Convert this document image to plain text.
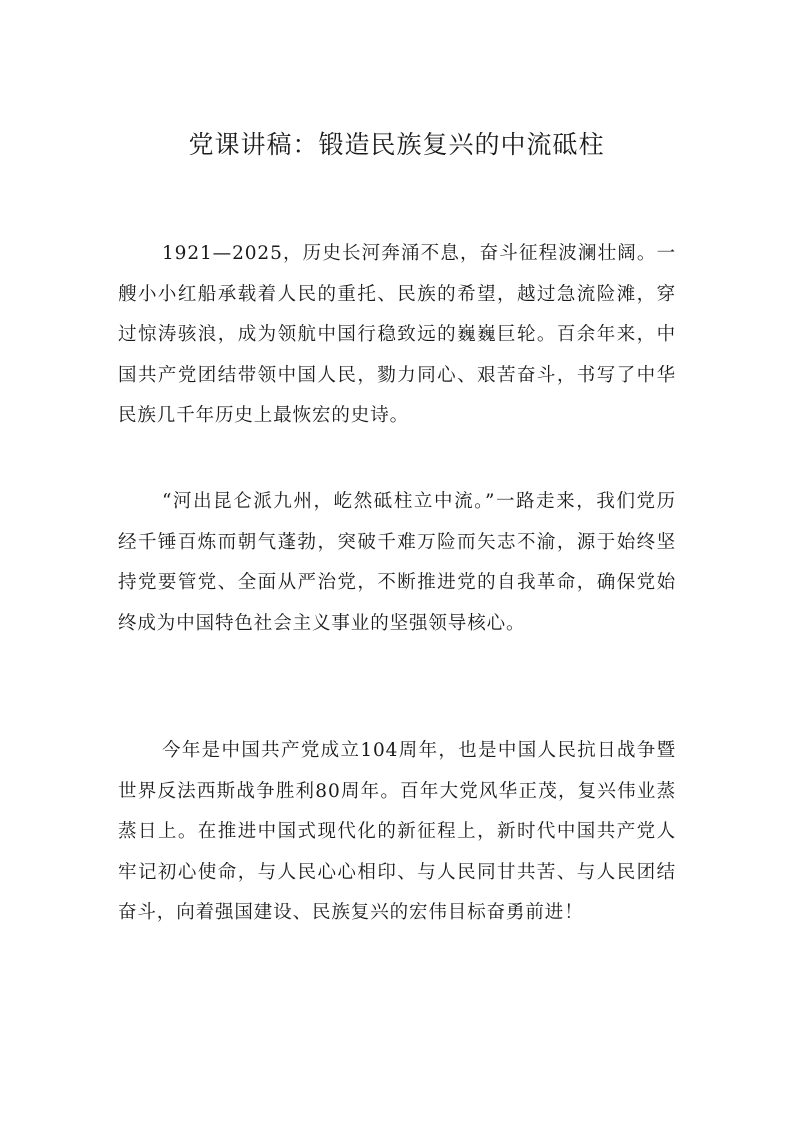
党课讲稿：锻造民族复兴的中流砥柱

1921—2025，历史长河奔涌不息，奋斗征程波澜壮阔。一艘小小红船承载着人民的重托、民族的希望，越过急流险滩，穿过惊涛骇浪，成为领航中国行稳致远的巍巍巨轮。百余年来，中国共产党团结带领中国人民，勠力同心、艰苦奋斗，书写了中华民族几千年历史上最恢宏的史诗。

“河出昆仑派九州，屹然砥柱立中流。”一路走来，我们党历经千锤百炼而朝气蓬勃，突破千难万险而矢志不渝，源于始终坚持党要管党、全面从严治党，不断推进党的自我革命，确保党始终成为中国特色社会主义事业的坚强领导核心。

今年是中国共产党成立104周年，也是中国人民抗日战争暨世界反法西斯战争胜利80周年。百年大党风华正茂，复兴伟业蒸蒸日上。在推进中国式现代化的新征程上，新时代中国共产党人牢记初心使命，与人民心心相印、与人民同甘共苦、与人民团结奋斗，向着强国建设、民族复兴的宏伟目标奋勇前进！
